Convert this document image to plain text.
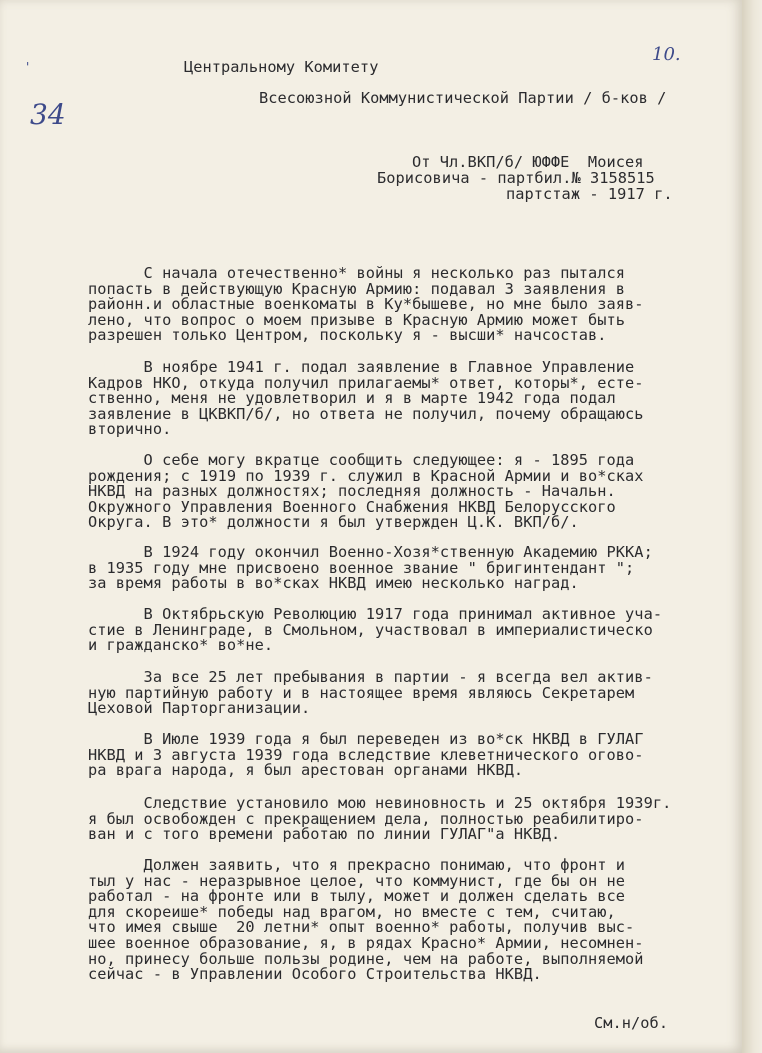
'
34
10.
Центральному Комитету
Всесоюзной Коммунистической Партии / б-ков /
От Чл.ВКП/б/ ЮФФЕ  Моисея
Борисовича - партбил.№ 3158515
партстаж - 1917 г.
С начала отечественно* войны я несколько раз пытался
попасть в действующую Красную Армию: подавал 3 заявления в
районн.и областные военкоматы в Ку*бышеве, но мне было заяв-
лено, что вопрос о моем призыве в Красную Армию может быть
разрешен только Центром, поскольку я - высши* начсостав.
В ноябре 1941 г. подал заявление в Главное Управление
Кадров НКО, откуда получил прилагаемы* ответ, которы*, есте-
ственно, меня не удовлетворил и я в марте 1942 года подал
заявление в ЦКВКП/б/, но ответа не получил, почему обращаюсь
вторично.
О себе могу вкратце сообщить следующее: я - 1895 года
рождения; с 1919 по 1939 г. служил в Красной Армии и во*сках
НКВД на разных должностях; последняя должность - Начальн.
Окружного Управления Военного Снабжения НКВД Белорусского
Округа. В это* должности я был утвержден Ц.К. ВКП/б/.
В 1924 году окончил Военно-Хозя*ственную Академию РККА;
в 1935 году мне присвоено военное звание " бригинтендант ";
за время работы в во*сках НКВД имею несколько наград.
В Октябрьскую Революцию 1917 года принимал активное уча-
стие в Ленинграде, в Смольном, участвовал в империалистическо
и гражданско* во*не.
За все 25 лет пребывания в партии - я всегда вел актив-
ную партийную работу и в настоящее время являюсь Секретарем
Цеховой Парторганизации.
В Июле 1939 года я был переведен из во*ск НКВД в ГУЛАГ
НКВД и 3 августа 1939 года вследствие клеветнического огово-
ра врага народа, я был арестован органами НКВД.
Следствие установило мою невиновность и 25 октября 1939г.
я был освобожден с прекращением дела, полностью реабилитиро-
ван и с того времени работаю по линии ГУЛАГ"а НКВД.
Должен заявить, что я прекрасно понимаю, что фронт и
тыл у нас - неразрывное целое, что коммунист, где бы он не
работал - на фронте или в тылу, может и должен сделать все
для скореише* победы над врагом, но вместе с тем, считаю,
что имея свыше  20 летни* опыт военно* работы, получив выс-
шее военное образование, я, в рядах Красно* Армии, несомнен-
но, принесу больше пользы родине, чем на работе, выполняемой
сейчас - в Управлении Особого Строительства НКВД.
См.н/об.
